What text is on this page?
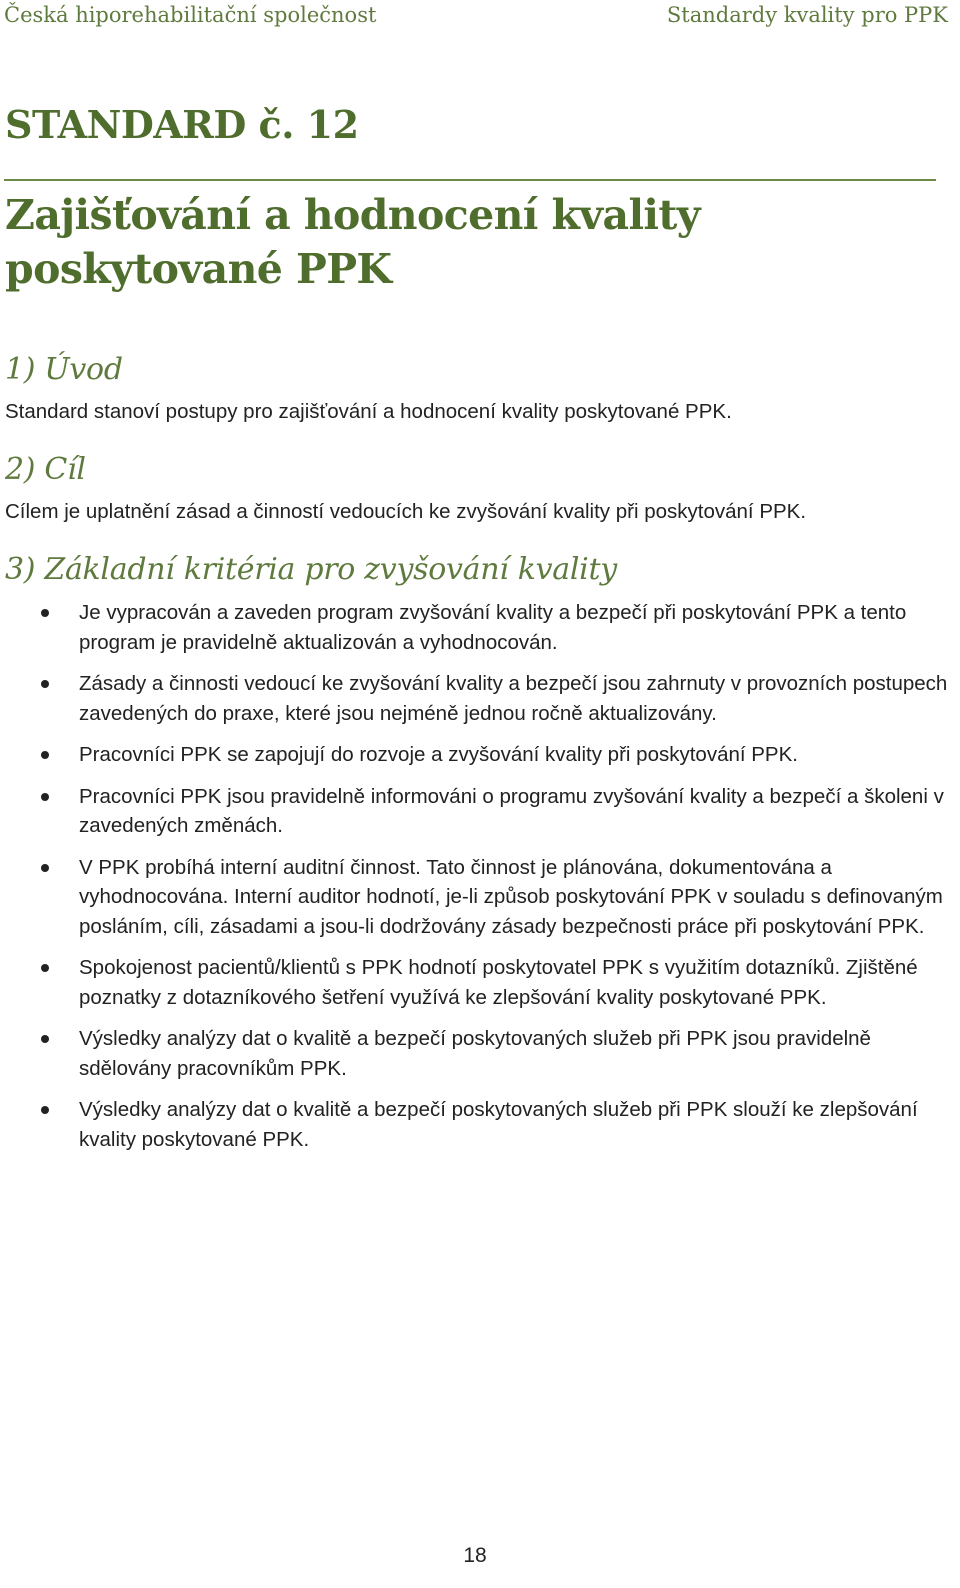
Česká hiporehabilitační společnost	Standardy kvality pro PPK
STANDARD č. 12
Zajišťování a hodnocení kvality poskytované PPK
1) Úvod
Standard stanoví postupy pro zajišťování a hodnocení kvality poskytované PPK.
2) Cíl
Cílem je uplatnění zásad a činností vedoucích ke zvyšování kvality při poskytování PPK.
3) Základní kritéria pro zvyšování kvality
Je vypracován a zaveden program zvyšování kvality a bezpečí při poskytování PPK a tento program je pravidelně aktualizován a vyhodnocován.
Zásady a činnosti vedoucí ke zvyšování kvality a bezpečí jsou zahrnuty v provozních postupech zavedených do praxe, které jsou nejméně jednou ročně aktualizovány.
Pracovníci PPK se zapojují do rozvoje a zvyšování kvality při poskytování PPK.
Pracovníci PPK jsou pravidelně informováni o programu zvyšování kvality a bezpečí a školeni v zavedených změnách.
V PPK probíhá interní auditní činnost. Tato činnost je plánována, dokumentována a vyhodnocována. Interní auditor hodnotí, je-li způsob poskytování PPK v souladu s definovaným posláním, cíli, zásadami a jsou-li dodržovány zásady bezpečnosti práce při poskytování PPK.
Spokojenost pacientů/klientů s PPK hodnotí poskytovatel PPK s využitím dotazníků. Zjištěné poznatky z dotazníkového šetření využívá ke zlepšování kvality poskytované PPK.
Výsledky analýzy dat o kvalitě a bezpečí poskytovaných služeb při PPK jsou pravidelně sdělovány pracovníkům PPK.
Výsledky analýzy dat o kvalitě a bezpečí poskytovaných služeb při PPK slouží ke zlepšování kvality poskytované PPK.
18
